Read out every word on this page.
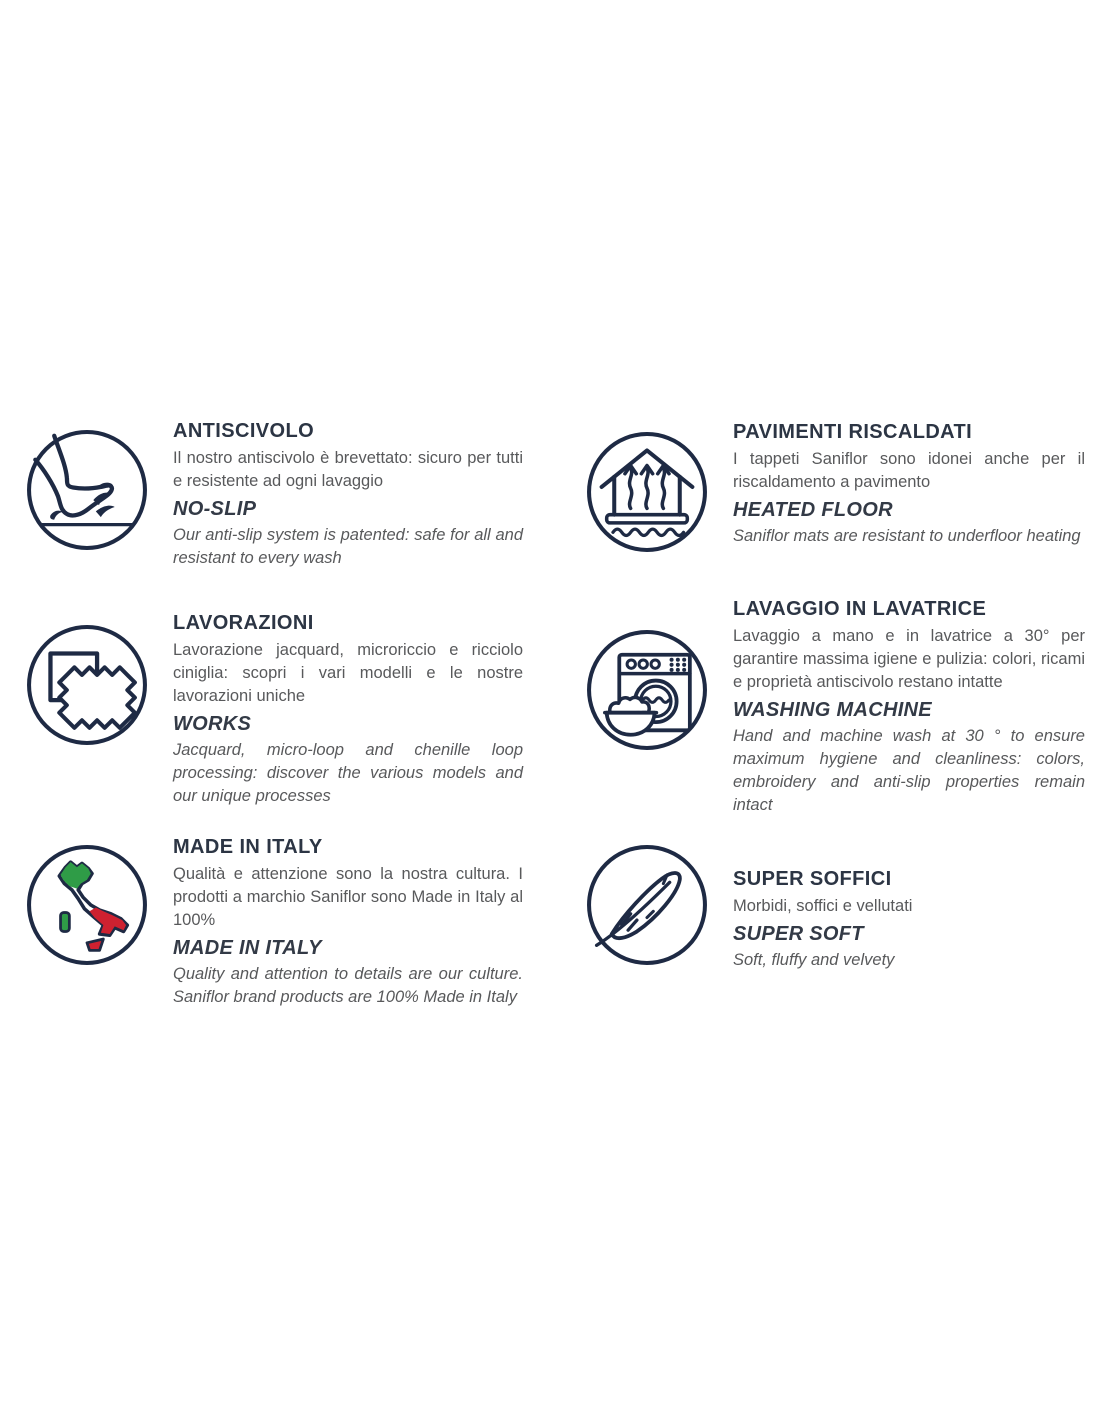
ANTISCIVOLO

Il nostro antiscivolo è brevettato: sicuro per tutti e resistente ad ogni lavaggio

NO-SLIP

Our anti-slip system is patented: safe for all and resistant to every wash

LAVORAZIONI

Lavorazione jacquard, microriccio e ricciolo ciniglia: scopri i vari modelli e le nostre lavorazioni uniche

WORKS

Jacquard, micro-loop and chenille loop processing: discover the various models and our unique processes

MADE IN ITALY

Qualità e attenzione sono la nostra cultura. I prodotti a marchio Saniflor sono Made in Italy al 100%

MADE IN ITALY

Quality and attention to details are our culture. Saniflor brand products are 100% Made in Italy

PAVIMENTI RISCALDATI

I tappeti Saniflor sono idonei anche per il riscaldamento a pavimento

HEATED FLOOR

Saniflor mats are resistant to underfloor heating

LAVAGGIO IN LAVATRICE

Lavaggio a mano e in lavatrice a 30° per garantire massima igiene e pulizia: colori, ricami e proprietà antiscivolo restano intatte

WASHING MACHINE

Hand and machine wash at 30 ° to ensure maximum hygiene and cleanliness: colors, embroidery and anti-slip properties remain intact

SUPER SOFFICI

Morbidi, soffici e vellutati

SUPER SOFT

Soft, fluffy and velvety
